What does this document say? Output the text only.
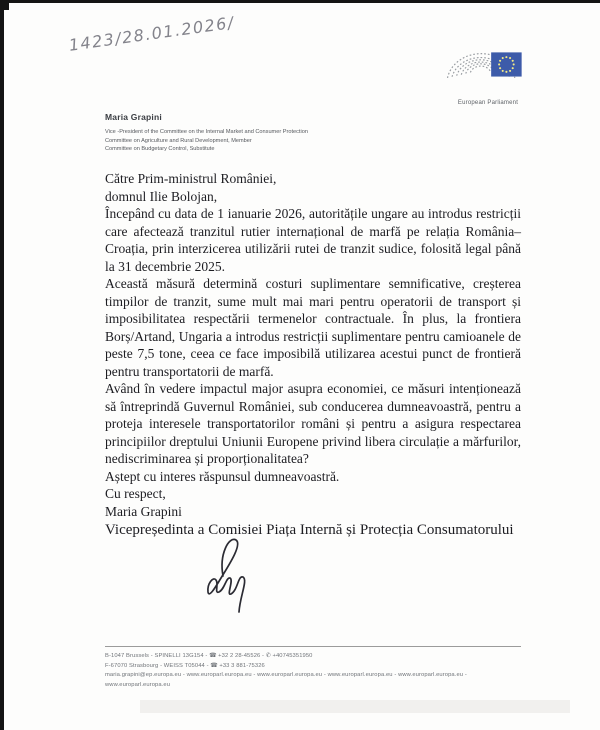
1423/28.01.2026/
European Parliament
Maria Grapini
Vice -President of the Committee on the Internal Market and Consumer Protection
Committee on Agriculture and Rural Development, Member
Committee on Budgetary Control, Substitute

Către Prim-ministrul României,

domnul Ilie Bolojan,

Începând cu data de 1 ianuarie 2026, autoritățile ungare au introdus restricții care afectează tranzitul rutier internațional de marfă pe relația România–Croația, prin interzicerea utilizării rutei de tranzit sudice, folosită legal până la 31 decembrie 2025.

Această măsură determină costuri suplimentare semnificative, creșterea timpilor de tranzit, sume mult mai mari pentru operatorii de transport și imposibilitatea respectării termenelor contractuale. În plus, la frontiera Borș/Artand, Ungaria a introdus restricții suplimentare pentru camioanele de peste 7,5 tone, ceea ce face imposibilă utilizarea acestui punct de frontieră pentru transportatorii de marfă.

Având în vedere impactul major asupra economiei, ce măsuri intenționează să întreprindă Guvernul României, sub conducerea dumneavoastră, pentru a proteja interesele transportatorilor români și pentru a asigura respectarea principiilor dreptului Uniunii Europene privind libera circulație a mărfurilor, nediscriminarea și proporționalitatea?

Aștept cu interes răspunsul dumneavoastră.

Cu respect,

Maria Grapini

Vicepreședinta a Comisiei Piața Internă și Protecția Consumatorului

B-1047 Brussels - SPINELLI 13G154 - ☎ +32 2 28-45526 - ✆ +40745351950
F-67070 Strasbourg - WEISS T05044 - ☎ +33 3 881-75326
maria.grapini@ep.europa.eu - www.europarl.europa.eu - www.europarl.europa.eu - www.europarl.europa.eu - www.europarl.europa.eu - www.europarl.europa.eu
